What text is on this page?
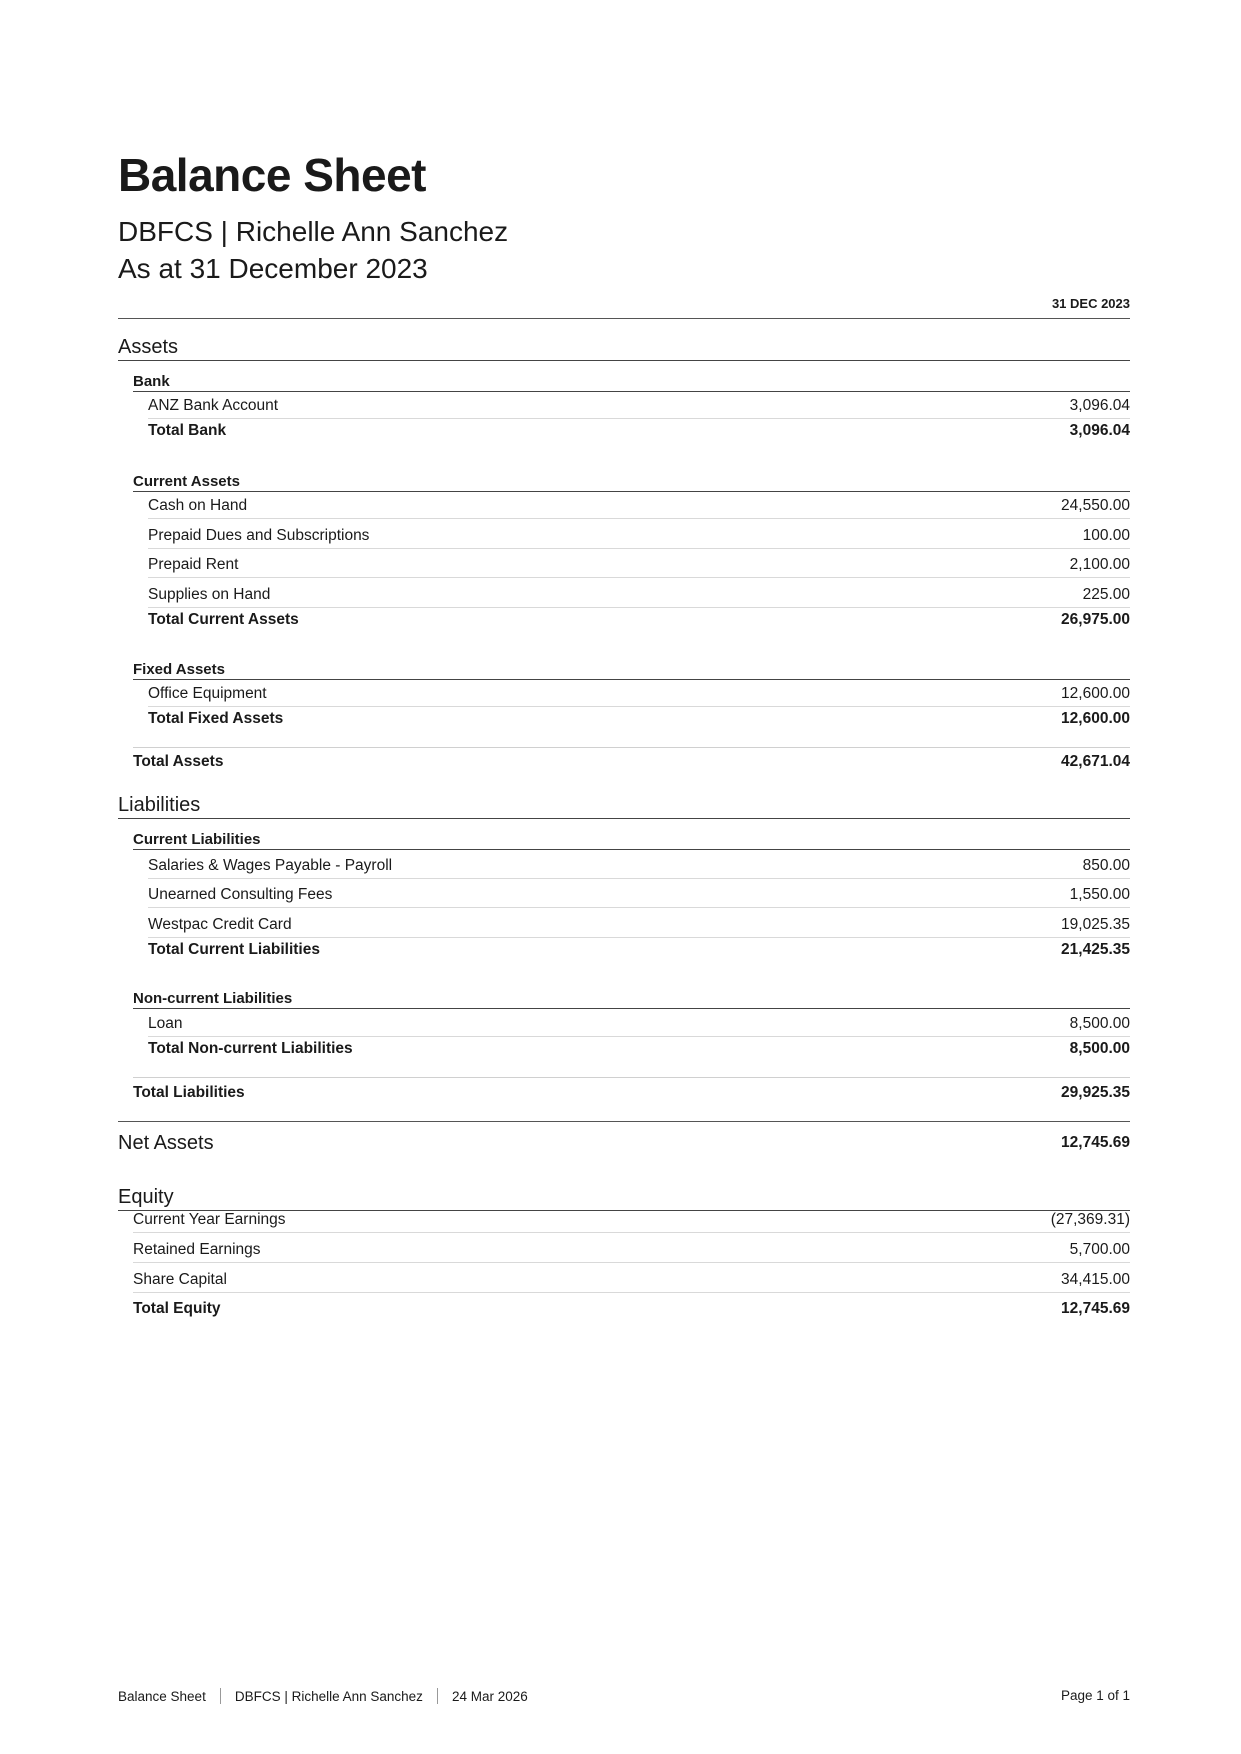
Balance Sheet
DBFCS | Richelle Ann Sanchez
As at 31 December 2023
31 DEC 2023
Assets
Bank
ANZ Bank Account	3,096.04
Total Bank	3,096.04
Current Assets
Cash on Hand	24,550.00
Prepaid Dues and Subscriptions	100.00
Prepaid Rent	2,100.00
Supplies on Hand	225.00
Total Current Assets	26,975.00
Fixed Assets
Office Equipment	12,600.00
Total Fixed Assets	12,600.00
Total Assets	42,671.04
Liabilities
Current Liabilities
Salaries & Wages Payable - Payroll	850.00
Unearned Consulting Fees	1,550.00
Westpac Credit Card	19,025.35
Total Current Liabilities	21,425.35
Non-current Liabilities
Loan	8,500.00
Total Non-current Liabilities	8,500.00
Total Liabilities	29,925.35
Net Assets	12,745.69
Equity
Current Year Earnings	(27,369.31)
Retained Earnings	5,700.00
Share Capital	34,415.00
Total Equity	12,745.69
Balance Sheet DBFCS | Richelle Ann Sanchez 24 Mar 2026	Page 1 of 1
